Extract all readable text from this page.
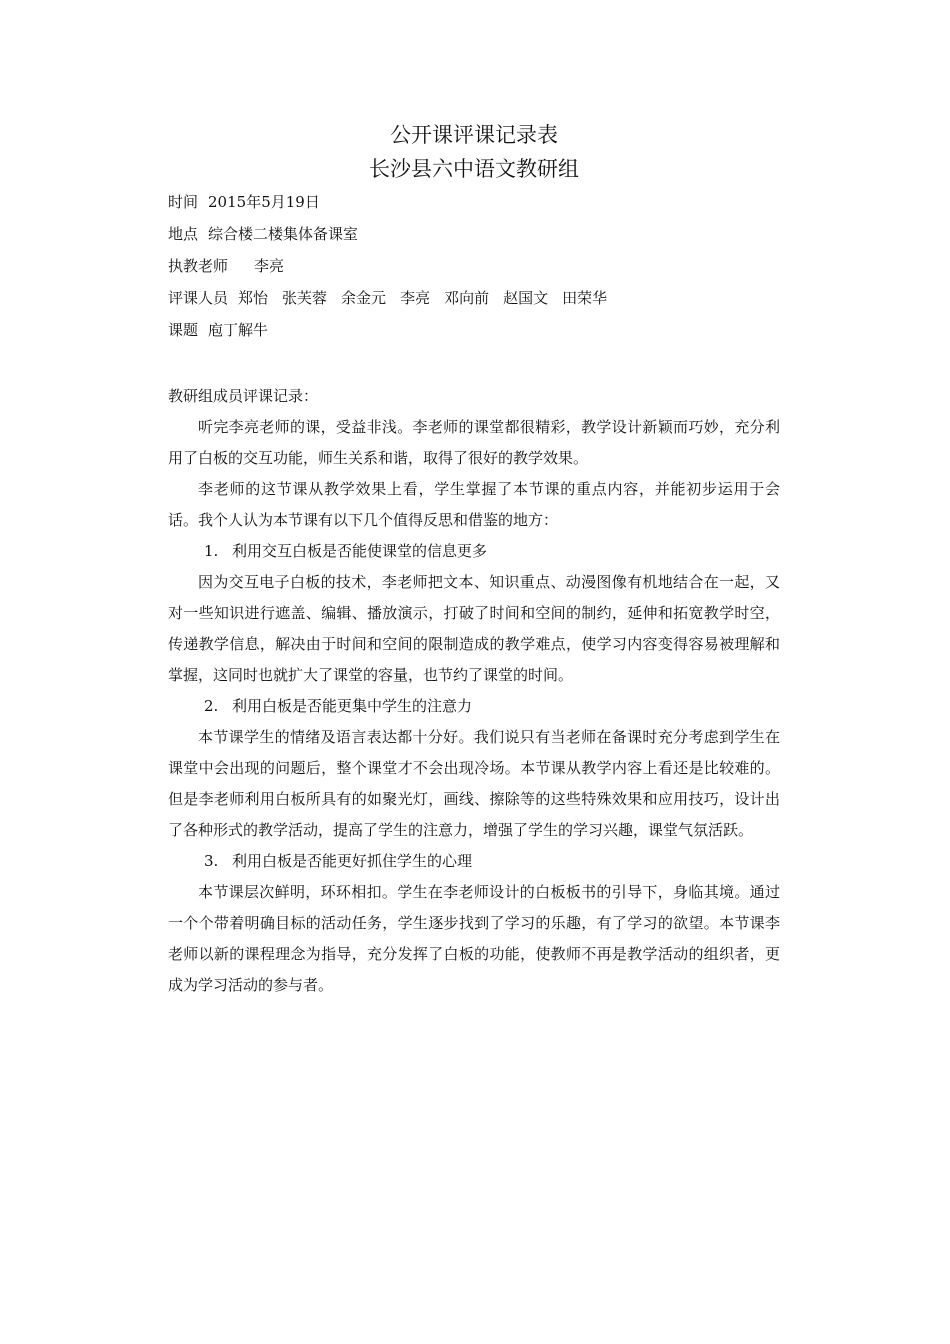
公开课评课记录表

长沙县六中语文教研组

时间 2015年5月19日

地点 综合楼二楼集体备课室

执教老师 李亮

评课人员 郑怡 张芙蓉 余金元 李亮 邓向前 赵国文 田荣华

课题 庖丁解牛

教研组成员评课记录：

听完李亮老师的课，受益非浅。李老师的课堂都很精彩，教学设计新颖而巧妙，充分利用了白板的交互功能，师生关系和谐，取得了很好的教学效果。

李老师的这节课从教学效果上看，学生掌握了本节课的重点内容，并能初步运用于会话。我个人认为本节课有以下几个值得反思和借鉴的地方：

1. 利用交互白板是否能使课堂的信息更多

因为交互电子白板的技术，李老师把文本、知识重点、动漫图像有机地结合在一起，又对一些知识进行遮盖、编辑、播放演示，打破了时间和空间的制约，延伸和拓宽教学时空，传递教学信息，解决由于时间和空间的限制造成的教学难点，使学习内容变得容易被理解和掌握，这同时也就扩大了课堂的容量，也节约了课堂的时间。

2. 利用白板是否能更集中学生的注意力

本节课学生的情绪及语言表达都十分好。我们说只有当老师在备课时充分考虑到学生在课堂中会出现的问题后，整个课堂才不会出现冷场。本节课从教学内容上看还是比较难的。但是李老师利用白板所具有的如聚光灯，画线、擦除等的这些特殊效果和应用技巧，设计出了各种形式的教学活动，提高了学生的注意力，增强了学生的学习兴趣，课堂气氛活跃。

3. 利用白板是否能更好抓住学生的心理

本节课层次鲜明，环环相扣。学生在李老师设计的白板板书的引导下，身临其境。通过一个个带着明确目标的活动任务，学生逐步找到了学习的乐趣，有了学习的欲望。本节课李老师以新的课程理念为指导，充分发挥了白板的功能，使教师不再是教学活动的组织者，更成为学习活动的参与者。
